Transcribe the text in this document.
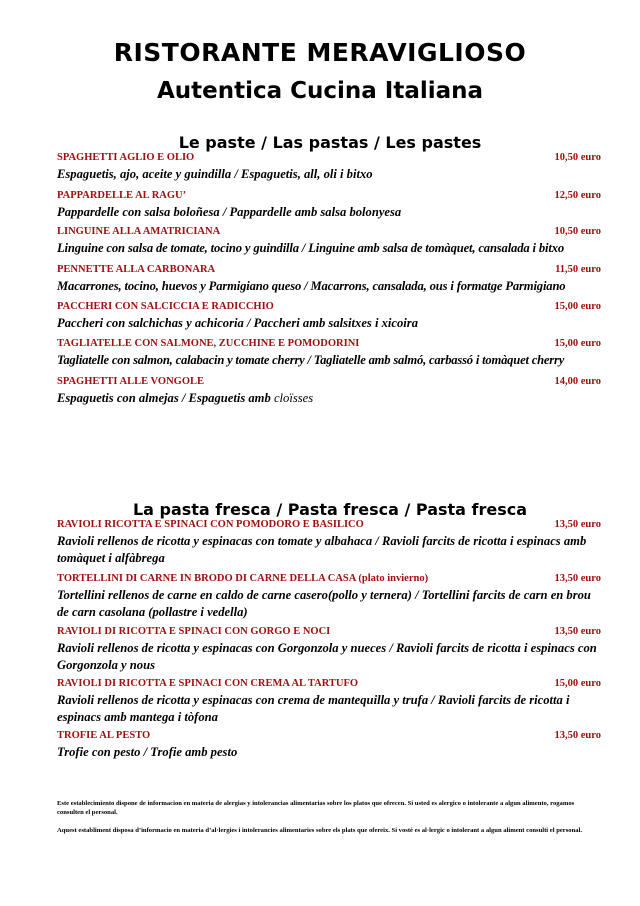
RISTORANTE MERAVIGLIOSO
Autentica Cucina Italiana
Le paste / Las pastas / Les pastes
SPAGHETTI AGLIO E OLIO	10,50 euro
Espaguetis, ajo, aceite y guindilla / Espaguetis, all, oli i bitxo
PAPPARDELLE AL RAGU’	12,50 euro
Pappardelle con salsa boloñesa / Pappardelle amb salsa bolonyesa
LINGUINE ALLA AMATRICIANA	10,50 euro
Linguine con salsa de tomate, tocino y guindilla / Linguine amb salsa de tomàquet, cansalada i bitxo
PENNETTE ALLA CARBONARA	11,50 euro
Macarrones, tocino, huevos y Parmigiano queso / Macarrons, cansalada, ous i formatge Parmigiano
PACCHERI CON SALCICCIA E RADICCHIO	15,00 euro
Paccheri con salchichas y achicoria / Paccheri amb salsitxes i xicoira
TAGLIATELLE CON SALMONE, ZUCCHINE E POMODORINI	15,00 euro
Tagliatelle con salmon, calabacin y tomate cherry / Tagliatelle amb salmó, carbassó i tomàquet cherry
SPAGHETTI ALLE VONGOLE	14,00 euro
Espaguetis con almejas / Espaguetis amb cloïsses
La pasta fresca / Pasta fresca / Pasta fresca
RAVIOLI RICOTTA E SPINACI CON POMODORO E BASILICO	13,50 euro
Ravioli rellenos de ricotta y espinacas con tomate y albahaca / Ravioli farcits de ricotta i espinacs amb tomàquet i alfàbrega
TORTELLINI DI CARNE IN BRODO DI CARNE DELLA CASA (plato invierno)	13,50 euro
Tortellini rellenos de carne en caldo de carne casero(pollo y ternera) / Tortellini farcits de carn en brou de carn casolana (pollastre i vedella)
RAVIOLI DI RICOTTA E SPINACI CON GORGO E NOCI	13,50 euro
Ravioli rellenos de ricotta y espinacas con Gorgonzola y nueces / Ravioli farcits de ricotta i espinacs con Gorgonzola y nous
RAVIOLI DI RICOTTA E SPINACI CON CREMA AL TARTUFO	15,00 euro
Ravioli rellenos de ricotta y espinacas con crema de mantequilla y trufa / Ravioli farcits de ricotta i espinacs amb mantega i tòfona
TROFIE AL PESTO	13,50 euro
Trofie con pesto / Trofie amb pesto
Este establecimiento dispone de informacion en materia de alergias y intolerancias alimentarias sobre los platos que ofrecen. Si usted es alergico o intolerante a algun alimento, rogamos consulten el personal.
Aquest establiment disposa d’informacio en materia d’al·lergies i intolerancies alimentaries sobre els plats que ofereix. Si vostè es al·lergic o intolerant a algun aliment consulti el personal.
